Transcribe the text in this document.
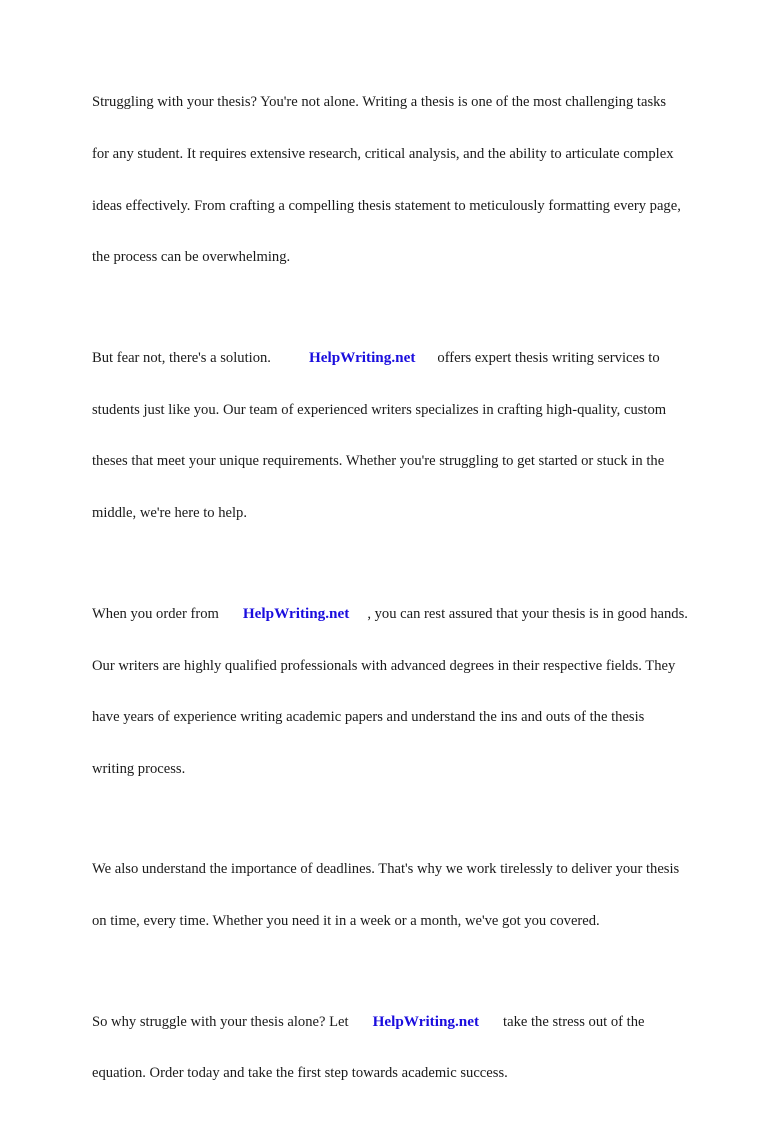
Struggling with your thesis? You're not alone. Writing a thesis is one of the most challenging tasks

for any student. It requires extensive research, critical analysis, and the ability to articulate complex

ideas effectively. From crafting a compelling thesis statement to meticulously formatting every page,

the process can be overwhelming.

But fear not, there's a solution.	HelpWriting.net offers expert thesis writing services to

students just like you. Our team of experienced writers specializes in crafting high-quality, custom

theses that meet your unique requirements. Whether you're struggling to get started or stuck in the

middle, we're here to help.

When you order from HelpWriting.net , you can rest assured that your thesis is in good hands.

Our writers are highly qualified professionals with advanced degrees in their respective fields. They

have years of experience writing academic papers and understand the ins and outs of the thesis

writing process.

We also understand the importance of deadlines. That's why we work tirelessly to deliver your thesis

on time, every time. Whether you need it in a week or a month, we've got you covered.

So why struggle with your thesis alone? Let HelpWriting.net take the stress out of the

equation. Order today and take the first step towards academic success.
